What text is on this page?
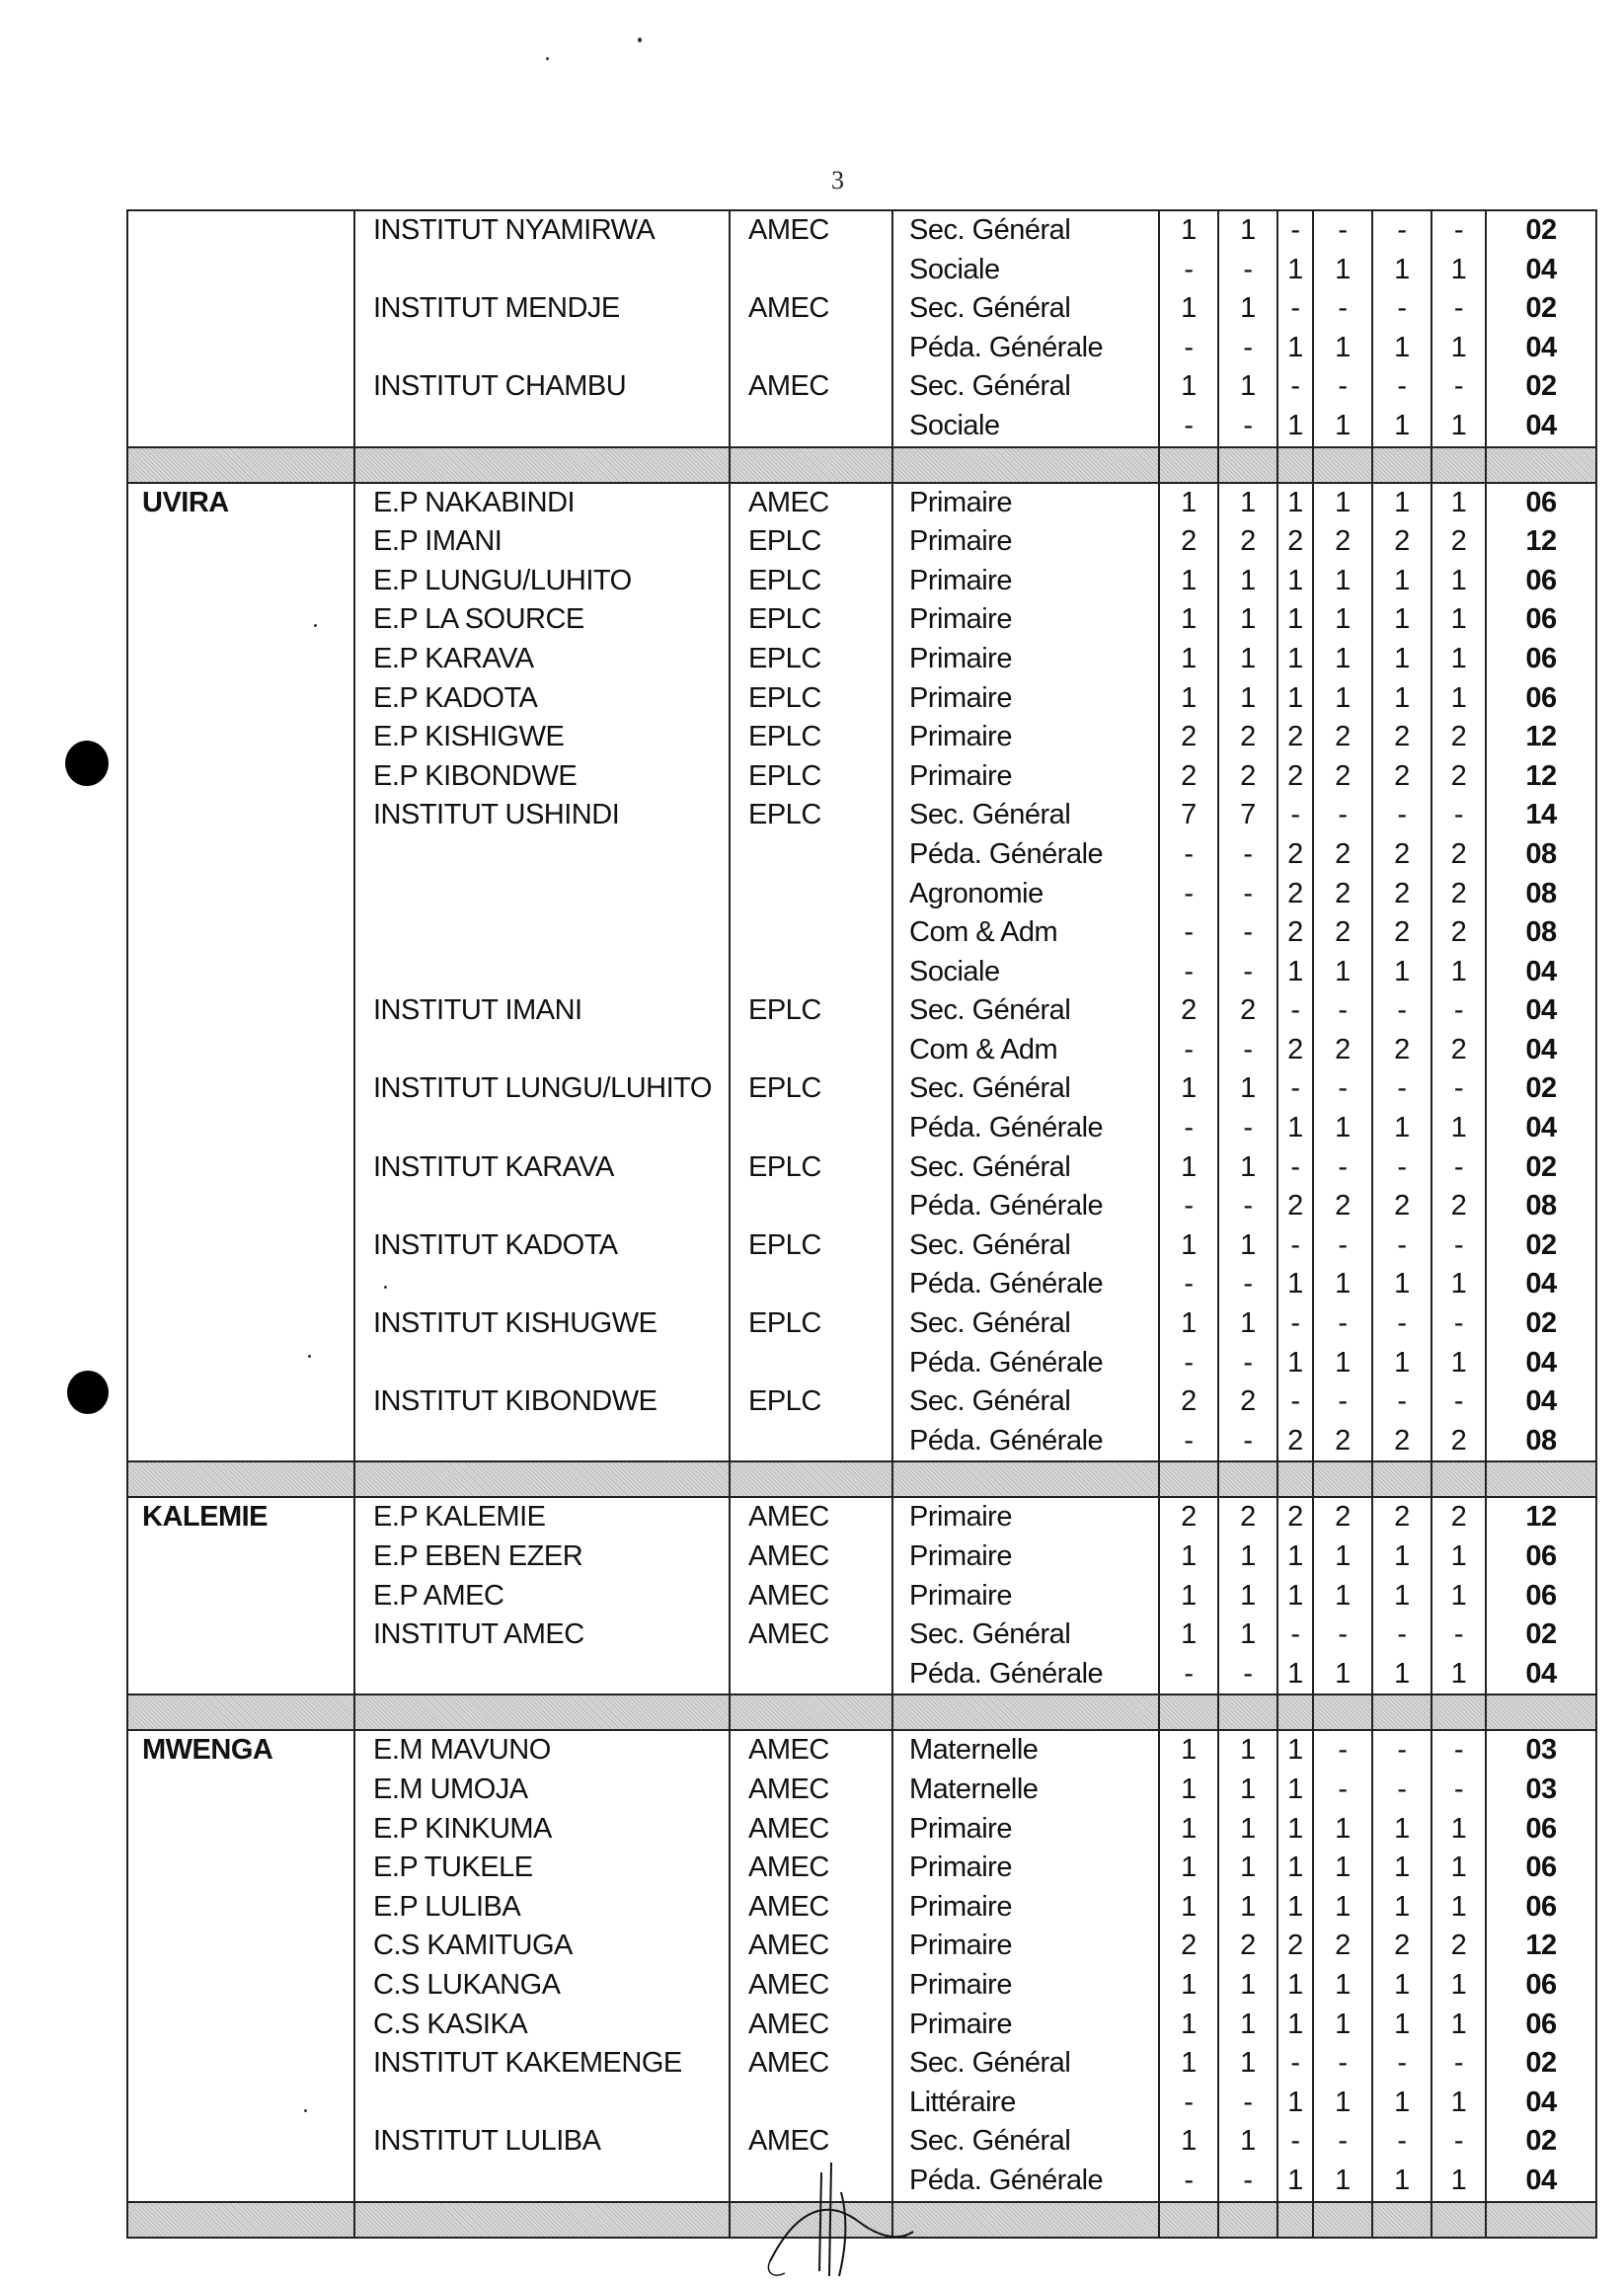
3
	INSTITUT NYAMIRWA	AMEC	Sec. Général	1	1	-	-	-	-	02
			Sociale	-	-	1	1	1	1	04
	INSTITUT MENDJE	AMEC	Sec. Général	1	1	-	-	-	-	02
			Péda. Générale	-	-	1	1	1	1	04
	INSTITUT CHAMBU	AMEC	Sec. Général	1	1	-	-	-	-	02
			Sociale	-	-	1	1	1	1	04

UVIRA	E.P NAKABINDI	AMEC	Primaire	1	1	1	1	1	1	06
	E.P IMANI	EPLC	Primaire	2	2	2	2	2	2	12
	E.P LUNGU/LUHITO	EPLC	Primaire	1	1	1	1	1	1	06
	E.P LA SOURCE	EPLC	Primaire	1	1	1	1	1	1	06
	E.P KARAVA	EPLC	Primaire	1	1	1	1	1	1	06
	E.P KADOTA	EPLC	Primaire	1	1	1	1	1	1	06
	E.P KISHIGWE	EPLC	Primaire	2	2	2	2	2	2	12
	E.P KIBONDWE	EPLC	Primaire	2	2	2	2	2	2	12
	INSTITUT USHINDI	EPLC	Sec. Général	7	7	-	-	-	-	14
			Péda. Générale	-	-	2	2	2	2	08
			Agronomie	-	-	2	2	2	2	08
			Com & Adm	-	-	2	2	2	2	08
			Sociale	-	-	1	1	1	1	04
	INSTITUT IMANI	EPLC	Sec. Général	2	2	-	-	-	-	04
			Com & Adm	-	-	2	2	2	2	04
	INSTITUT LUNGU/LUHITO	EPLC	Sec. Général	1	1	-	-	-	-	02
			Péda. Générale	-	-	1	1	1	1	04
	INSTITUT KARAVA	EPLC	Sec. Général	1	1	-	-	-	-	02
			Péda. Générale	-	-	2	2	2	2	08
	INSTITUT KADOTA	EPLC	Sec. Général	1	1	-	-	-	-	02
			Péda. Générale	-	-	1	1	1	1	04
	INSTITUT KISHUGWE	EPLC	Sec. Général	1	1	-	-	-	-	02
			Péda. Générale	-	-	1	1	1	1	04
	INSTITUT KIBONDWE	EPLC	Sec. Général	2	2	-	-	-	-	04
			Péda. Générale	-	-	2	2	2	2	08

KALEMIE	E.P KALEMIE	AMEC	Primaire	2	2	2	2	2	2	12
	E.P EBEN EZER	AMEC	Primaire	1	1	1	1	1	1	06
	E.P AMEC	AMEC	Primaire	1	1	1	1	1	1	06
	INSTITUT AMEC	AMEC	Sec. Général	1	1	-	-	-	-	02
			Péda. Générale	-	-	1	1	1	1	04

MWENGA	E.M MAVUNO	AMEC	Maternelle	1	1	1	-	-	-	03
	E.M UMOJA	AMEC	Maternelle	1	1	1	-	-	-	03
	E.P KINKUMA	AMEC	Primaire	1	1	1	1	1	1	06
	E.P TUKELE	AMEC	Primaire	1	1	1	1	1	1	06
	E.P LULIBA	AMEC	Primaire	1	1	1	1	1	1	06
	C.S KAMITUGA	AMEC	Primaire	2	2	2	2	2	2	12
	C.S LUKANGA	AMEC	Primaire	1	1	1	1	1	1	06
	C.S KASIKA	AMEC	Primaire	1	1	1	1	1	1	06
	INSTITUT KAKEMENGE	AMEC	Sec. Général	1	1	-	-	-	-	02
			Littéraire	-	-	1	1	1	1	04
	INSTITUT LULIBA	AMEC	Sec. Général	1	1	-	-	-	-	02
			Péda. Générale	-	-	1	1	1	1	04
